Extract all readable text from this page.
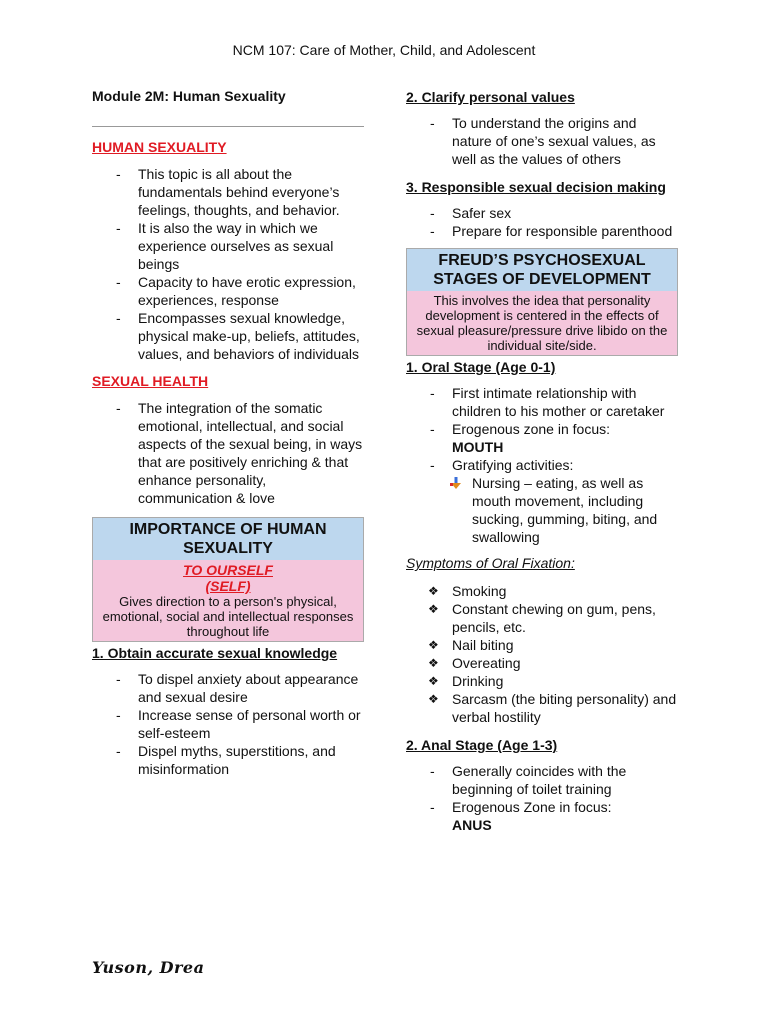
NCM 107: Care of Mother, Child, and Adolescent

Module 2M: Human Sexuality

HUMAN SEXUALITY

- This topic is all about the fundamentals behind everyone’s feelings, thoughts, and behavior.
- It is also the way in which we experience ourselves as sexual beings
- Capacity to have erotic expression, experiences, response
- Encompasses sexual knowledge, physical make-up, beliefs, attitudes, values, and behaviors of individuals

SEXUAL HEALTH

- The integration of the somatic emotional, intellectual, and social aspects of the sexual being, in ways that are positively enriching & that enhance personality, communication & love
IMPORTANCE OF HUMAN SEXUALITY
TO OURSELF
(SELF)
Gives direction to a person's physical, emotional, social and intellectual responses throughout life

1. Obtain accurate sexual knowledge

- To dispel anxiety about appearance and sexual desire
- Increase sense of personal worth or self-esteem
- Dispel myths, superstitions, and misinformation

2. Clarify personal values

- To understand the origins and nature of one’s sexual values, as well as the values of others

3. Responsible sexual decision making

- Safer sex
- Prepare for responsible parenthood
FREUD’S PSYCHOSEXUAL STAGES OF DEVELOPMENT
This involves the idea that personality development is centered in the effects of sexual pleasure/pressure drive libido on the individual site/side.

1. Oral Stage (Age 0-1)

- First intimate relationship with children to his mother or caretaker
- Erogenous zone in focus:
MOUTH
- Gratifying activities:
Nursing – eating, as well as mouth movement, including sucking, gumming, biting, and swallowing

Symptoms of Oral Fixation:

❖ Smoking
❖ Constant chewing on gum, pens, pencils, etc.
❖ Nail biting
❖ Overeating
❖ Drinking
❖ Sarcasm (the biting personality) and verbal hostility

2. Anal Stage (Age 1-3)

- Generally coincides with the beginning of toilet training
- Erogenous Zone in focus:
ANUS
Yuson, Drea
